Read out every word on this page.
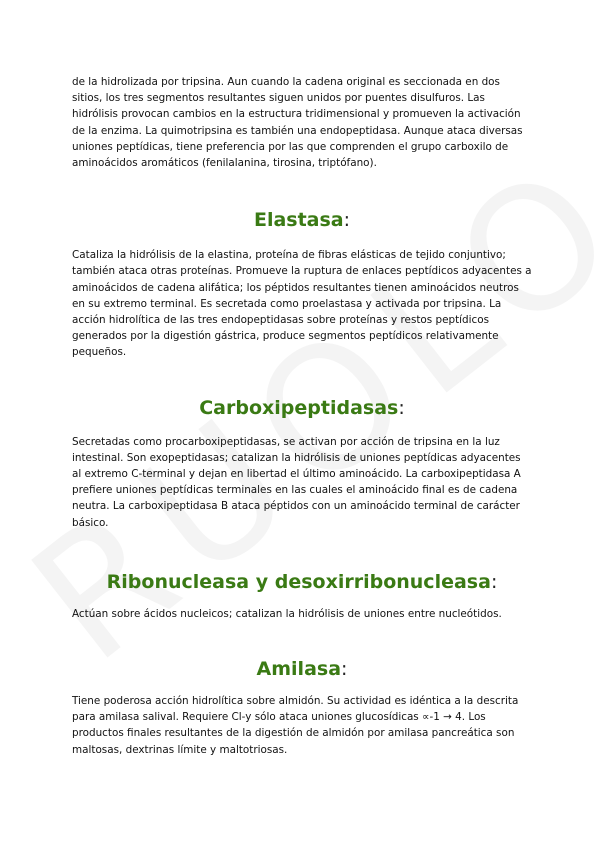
de la hidrolizada por tripsina. Aun cuando la cadena original es seccionada en dos sitios, los tres segmentos resultantes siguen unidos por puentes disulfuros. Las hidrólisis provocan cambios en la estructura tridimensional y promueven la activación de la enzima. La quimotripsina es también una endopeptidasa. Aunque ataca diversas uniones peptídicas, tiene preferencia por las que comprenden el grupo carboxilo de aminoácidos aromáticos (fenilalanina, tirosina, triptófano).

Elastasa:

Cataliza la hidrólisis de la elastina, proteína de fibras elásticas de tejido conjuntivo; también ataca otras proteínas. Promueve la ruptura de enlaces peptídicos adyacentes a aminoácidos de cadena alifática; los péptidos resultantes tienen aminoácidos neutros en su extremo terminal. Es secretada como proelastasa y activada por tripsina. La acción hidrolítica de las tres endopeptidasas sobre proteínas y restos peptídicos generados por la digestión gástrica, produce segmentos peptídicos relativamente pequeños.

Carboxipeptidasas:

Secretadas como procarboxipeptidasas, se activan por acción de tripsina en la luz intestinal. Son exopeptidasas; catalizan la hidrólisis de uniones peptídicas adyacentes al extremo C-terminal y dejan en libertad el último aminoácido. La carboxipeptidasa A prefiere uniones peptídicas terminales en las cuales el aminoácido final es de cadena neutra. La carboxipeptidasa B ataca péptidos con un aminoácido terminal de carácter básico.

Ribonucleasa y desoxirribonucleasa:

Actúan sobre ácidos nucleicos; catalizan la hidrólisis de uniones entre nucleótidos.

Amilasa:

Tiene poderosa acción hidrolítica sobre almidón. Su actividad es idéntica a la descrita para amilasa salival. Requiere Cl-y sólo ataca uniones glucosídicas ∝-1 → 4. Los productos finales resultantes de la digestión de almidón por amilasa pancreática son maltosas, dextrinas límite y maltotriosas.
